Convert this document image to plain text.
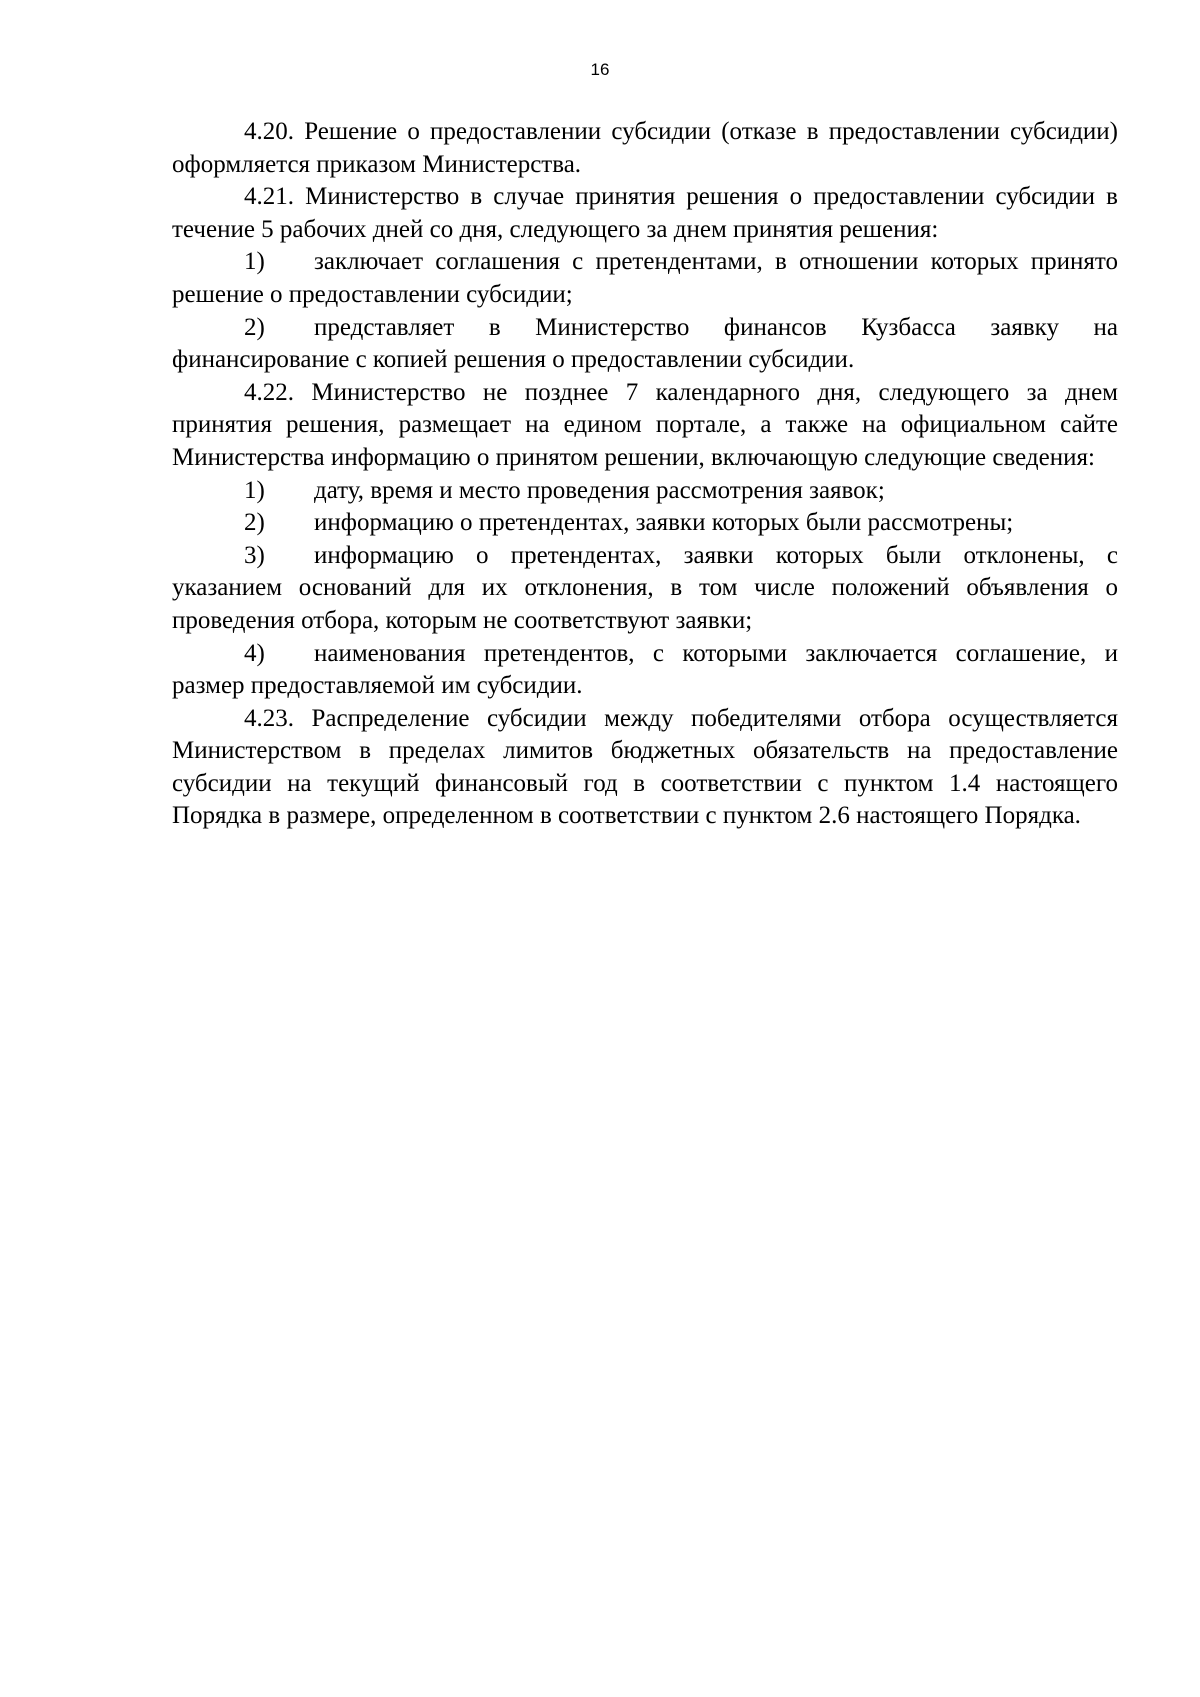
16

4.20. Решение о предоставлении субсидии (отказе в предоставлении субсидии) оформляется приказом Министерства.

4.21. Министерство в случае принятия решения о предоставлении субсидии в течение 5 рабочих дней со дня, следующего за днем принятия решения:

1) заключает соглашения с претендентами, в отношении которых принято решение о предоставлении субсидии;

2) представляет в Министерство финансов Кузбасса заявку на финансирование с копией решения о предоставлении субсидии.

4.22. Министерство не позднее 7 календарного дня, следующего за днем принятия решения, размещает на едином портале, а также на официальном сайте Министерства информацию о принятом решении, включающую следующие сведения:

1) дату, время и место проведения рассмотрения заявок;

2) информацию о претендентах, заявки которых были рассмотрены;

3) информацию о претендентах, заявки которых были отклонены, с указанием оснований для их отклонения, в том числе положений объявления о проведения отбора, которым не соответствуют заявки;

4) наименования претендентов, с которыми заключается соглашение, и размер предоставляемой им субсидии.

4.23. Распределение субсидии между победителями отбора осуществляется Министерством в пределах лимитов бюджетных обязательств на предоставление субсидии на текущий финансовый год в соответствии с пунктом 1.4 настоящего Порядка в размере, определенном в соответствии с пунктом 2.6 настоящего Порядка.
